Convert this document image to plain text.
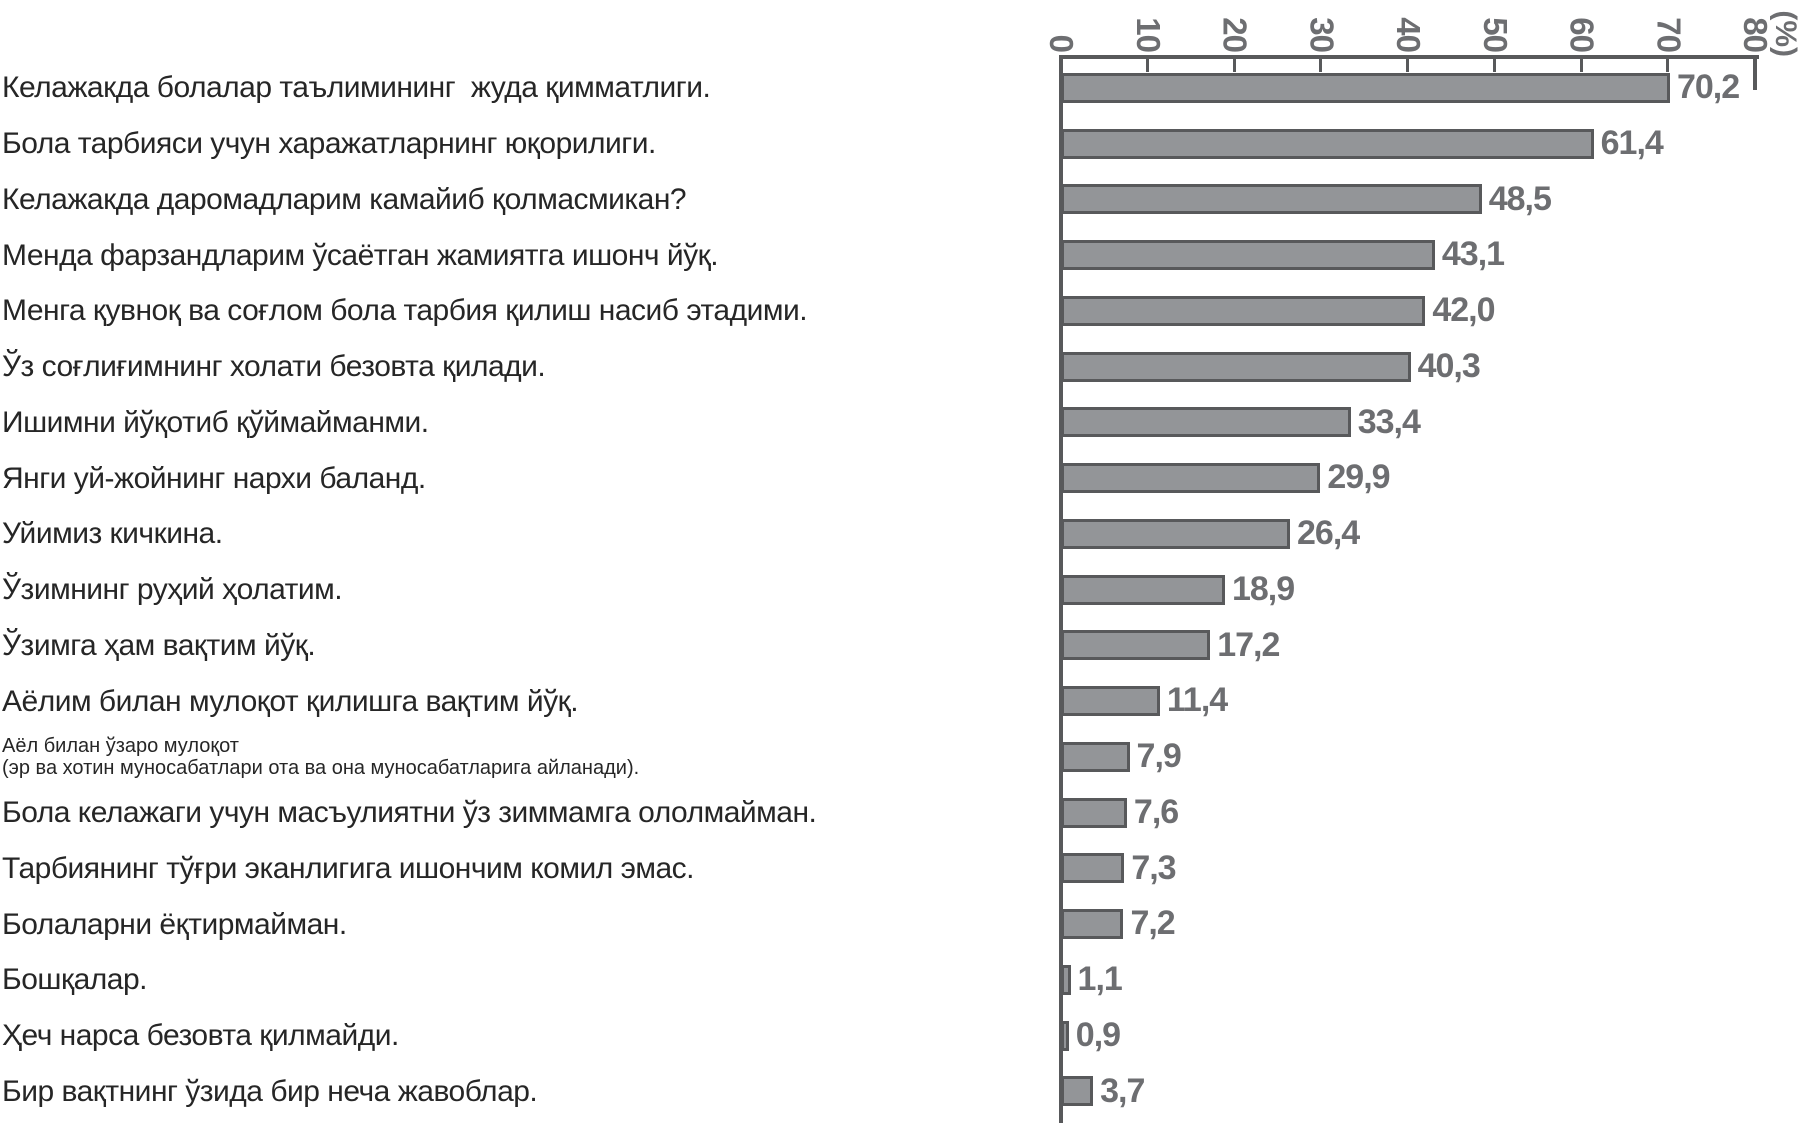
0 10 20 30 40 50 60 70 80
Келажакда болалар таълимининг  жуда қимматлиги.	70,2
Бола тарбияси учун харажатларнинг юқорилиги.	61,4
Келажакда даромадларим камайиб қолмасмикан?	48,5
Менда фарзандларим ўсаётган жамиятга ишонч йўқ.	43,1
Менга қувноқ ва соғлом бола тарбия қилиш насиб этадими.	42,0
Ўз соғлиғимнинг холати безовта қилади.	40,3
Ишимни йўқотиб қўймайманми.	33,4
Янги уй-жойнинг нархи баланд.	29,9
Уйимиз кичкина.	26,4
Ўзимнинг руҳий ҳолатим.	18,9
Ўзимга ҳам вақтим йўқ.	17,2
Аёлим билан мулоқот қилишга вақтим йўқ.	11,4
Аёл билан ўзаро мулоқот
(эр ва хотин муносабатлари ота ва она муносабатларига айланади).	7,9
Бола келажаги учун масъулиятни ўз зиммамга ололмайман.	7,6
Тарбиянинг тўғри эканлигига ишончим комил эмас.	7,3
Болаларни ёқтирмайман.	7,2
Бошқалар.	1,1
Ҳеч нарса безовта қилмайди.	0,9
Бир вақтнинг ўзида бир неча жавоблар.	3,7
(%)
